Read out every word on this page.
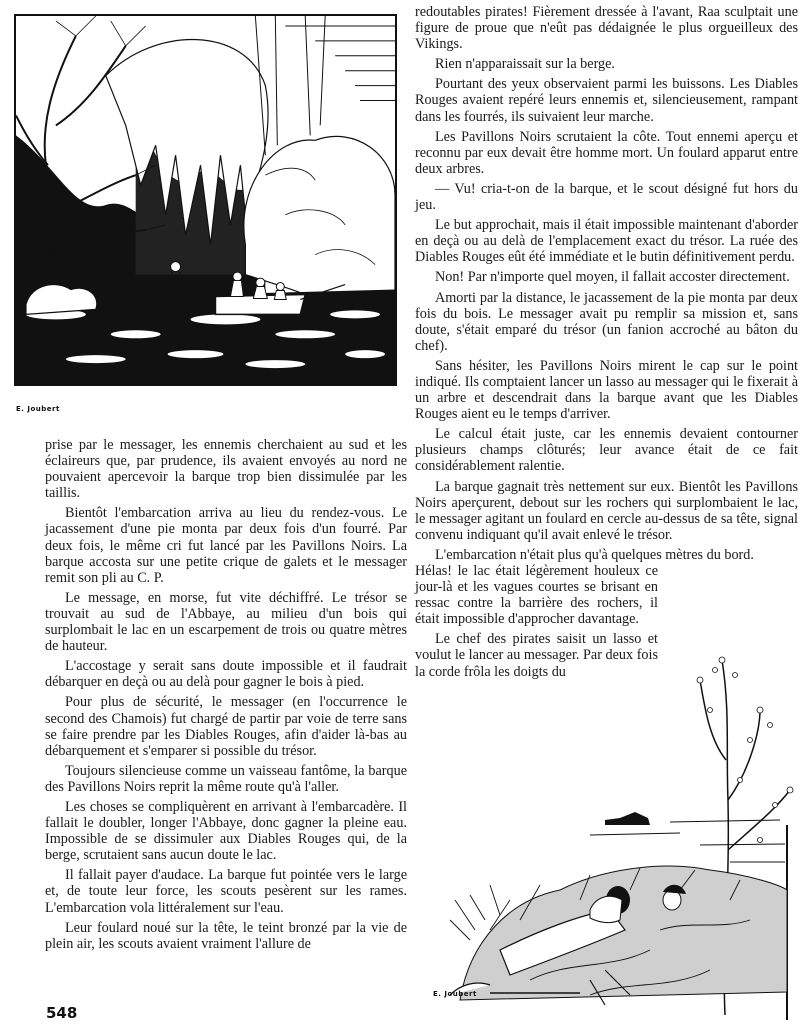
E. Joubert

prise par le messager, les ennemis cherchaient au sud et les éclaireurs que, par prudence, ils avaient envoyés au nord ne pouvaient apercevoir la barque trop bien dissimulée par les taillis.

Bientôt l'embarcation arriva au lieu du rendez-vous. Le jacassement d'une pie monta par deux fois d'un fourré. Par deux fois, le même cri fut lancé par les Pavillons Noirs. La barque accosta sur une petite crique de galets et le messager remit son pli au C. P.

Le message, en morse, fut vite déchiffré. Le trésor se trouvait au sud de l'Abbaye, au milieu d'un bois qui surplombait le lac en un escarpement de trois ou quatre mètres de hauteur.

L'accostage y serait sans doute impossible et il faudrait débarquer en deçà ou au delà pour gagner le bois à pied.

Pour plus de sécurité, le messager (en l'occurrence le second des Chamois) fut chargé de partir par voie de terre sans se faire prendre par les Diables Rouges, afin d'aider là-bas au débarquement et s'emparer si possible du trésor.

Toujours silencieuse comme un vaisseau fantôme, la barque des Pavillons Noirs reprit la même route qu'à l'aller.

Les choses se compliquèrent en arrivant à l'embarcadère. Il fallait le doubler, longer l'Abbaye, donc gagner la pleine eau. Impossible de se dissimuler aux Diables Rouges qui, de la berge, scrutaient sans aucun doute le lac.

Il fallait payer d'audace. La barque fut pointée vers le large et, de toute leur force, les scouts pesèrent sur les rames. L'embarcation vola littéralement sur l'eau.

Leur foulard noué sur la tête, le teint bronzé par la vie de plein air, les scouts avaient vraiment l'allure de

redoutables pirates! Fièrement dressée à l'avant, Raa sculptait une figure de proue que n'eût pas dédaignée le plus orgueilleux des Vikings.

Rien n'apparaissait sur la berge.

Pourtant des yeux observaient parmi les buissons. Les Diables Rouges avaient repéré leurs ennemis et, silencieusement, rampant dans les fourrés, ils suivaient leur marche.

Les Pavillons Noirs scrutaient la côte. Tout ennemi aperçu et reconnu par eux devait être homme mort. Un foulard apparut entre deux arbres.

— Vu! cria-t-on de la barque, et le scout désigné fut hors du jeu.

Le but approchait, mais il était impossible maintenant d'aborder en deçà ou au delà de l'emplacement exact du trésor. La ruée des Diables Rouges eût été immédiate et le butin définitivement perdu.

Non! Par n'importe quel moyen, il fallait accoster directement.

Amorti par la distance, le jacassement de la pie monta par deux fois du bois. Le messager avait pu remplir sa mission et, sans doute, s'était emparé du trésor (un fanion accroché au bâton du chef).

Sans hésiter, les Pavillons Noirs mirent le cap sur le point indiqué. Ils comptaient lancer un lasso au messager qui le fixerait à un arbre et descendrait dans la barque avant que les Diables Rouges aient eu le temps d'arriver.

Le calcul était juste, car les ennemis devaient contourner plusieurs champs clôturés; leur avance était de ce fait considérablement ralentie.

La barque gagnait très nettement sur eux. Bientôt les Pavillons Noirs aperçurent, debout sur les rochers qui surplombaient le lac, le messager agitant un foulard en cercle au-dessus de sa tête, signal convenu indiquant qu'il avait enlevé le trésor.

L'embarcation n'était plus qu'à quelques mètres du bord.

Hélas! le lac était légèrement houleux ce jour-là et les vagues courtes se brisant en ressac contre la barrière des rochers, il était impossible d'approcher davantage.

Le chef des pirates saisit un lasso et voulut le lancer au messager. Par deux fois la corde frôla les doigts du

E. Joubert
548
